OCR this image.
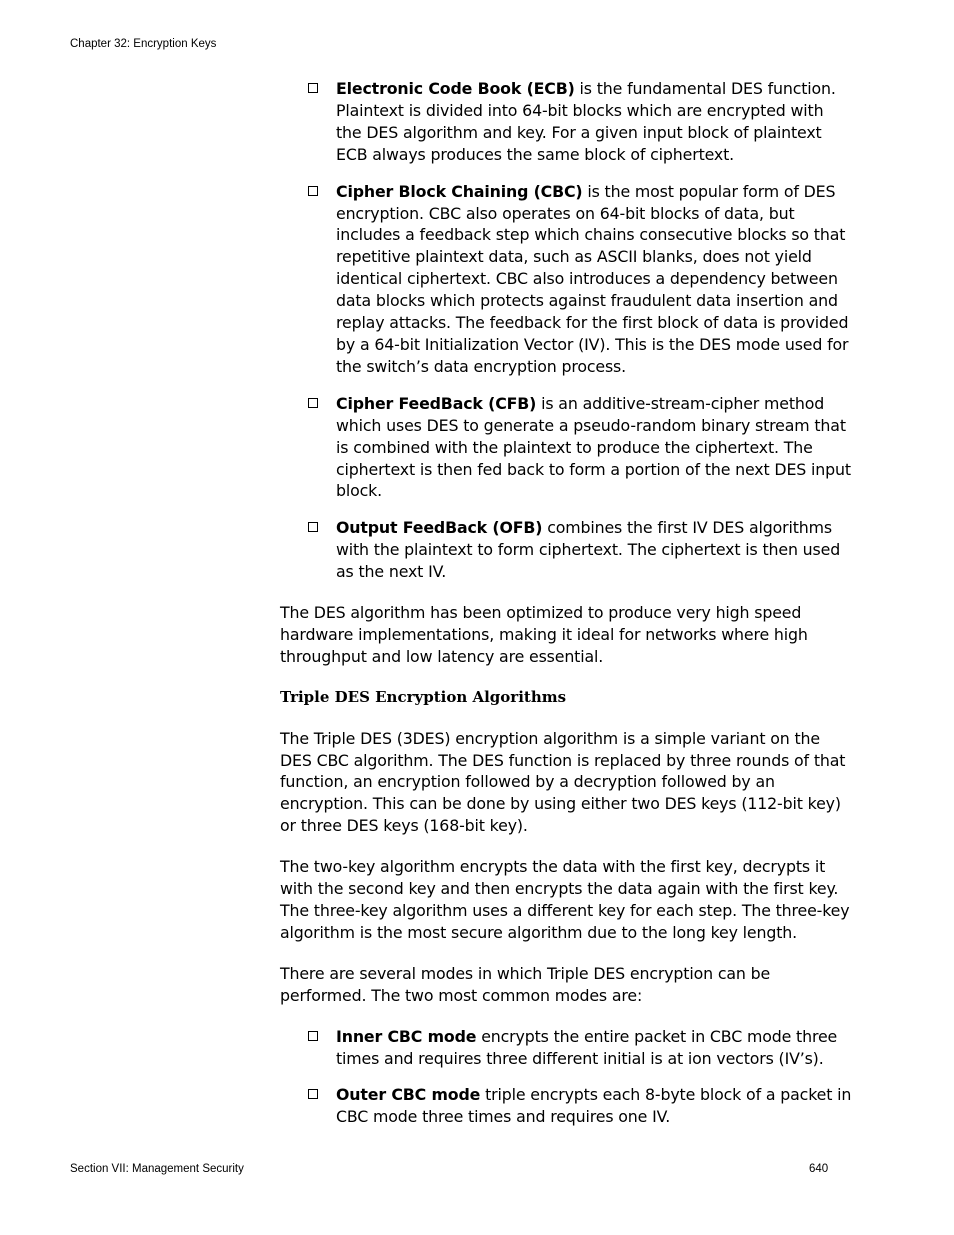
Chapter 32: Encryption Keys
Electronic Code Book (ECB) is the fundamental DES function. Plaintext is divided into 64-bit blocks which are encrypted with the DES algorithm and key. For a given input block of plaintext ECB always produces the same block of ciphertext.
Cipher Block Chaining (CBC) is the most popular form of DES encryption. CBC also operates on 64-bit blocks of data, but includes a feedback step which chains consecutive blocks so that repetitive plaintext data, such as ASCII blanks, does not yield identical ciphertext. CBC also introduces a dependency between data blocks which protects against fraudulent data insertion and replay attacks. The feedback for the first block of data is provided by a 64-bit Initialization Vector (IV). This is the DES mode used for the switch’s data encryption process.
Cipher FeedBack (CFB) is an additive-stream-cipher method which uses DES to generate a pseudo-random binary stream that is combined with the plaintext to produce the ciphertext. The ciphertext is then fed back to form a portion of the next DES input block.
Output FeedBack (OFB) combines the first IV DES algorithms with the plaintext to form ciphertext. The ciphertext is then used as the next IV.

The DES algorithm has been optimized to produce very high speed hardware implementations, making it ideal for networks where high throughput and low latency are essential.

Triple DES Encryption Algorithms

The Triple DES (3DES) encryption algorithm is a simple variant on the DES CBC algorithm. The DES function is replaced by three rounds of that function, an encryption followed by a decryption followed by an encryption. This can be done by using either two DES keys (112-bit key) or three DES keys (168-bit key).

The two-key algorithm encrypts the data with the first key, decrypts it with the second key and then encrypts the data again with the first key. The three-key algorithm uses a different key for each step. The three-key algorithm is the most secure algorithm due to the long key length.

There are several modes in which Triple DES encryption can be performed. The two most common modes are:

Inner CBC mode encrypts the entire packet in CBC mode three times and requires three different initial is at ion vectors (IV’s).
Outer CBC mode triple encrypts each 8-byte block of a packet in CBC mode three times and requires one IV.
Section VII: Management Security	640
